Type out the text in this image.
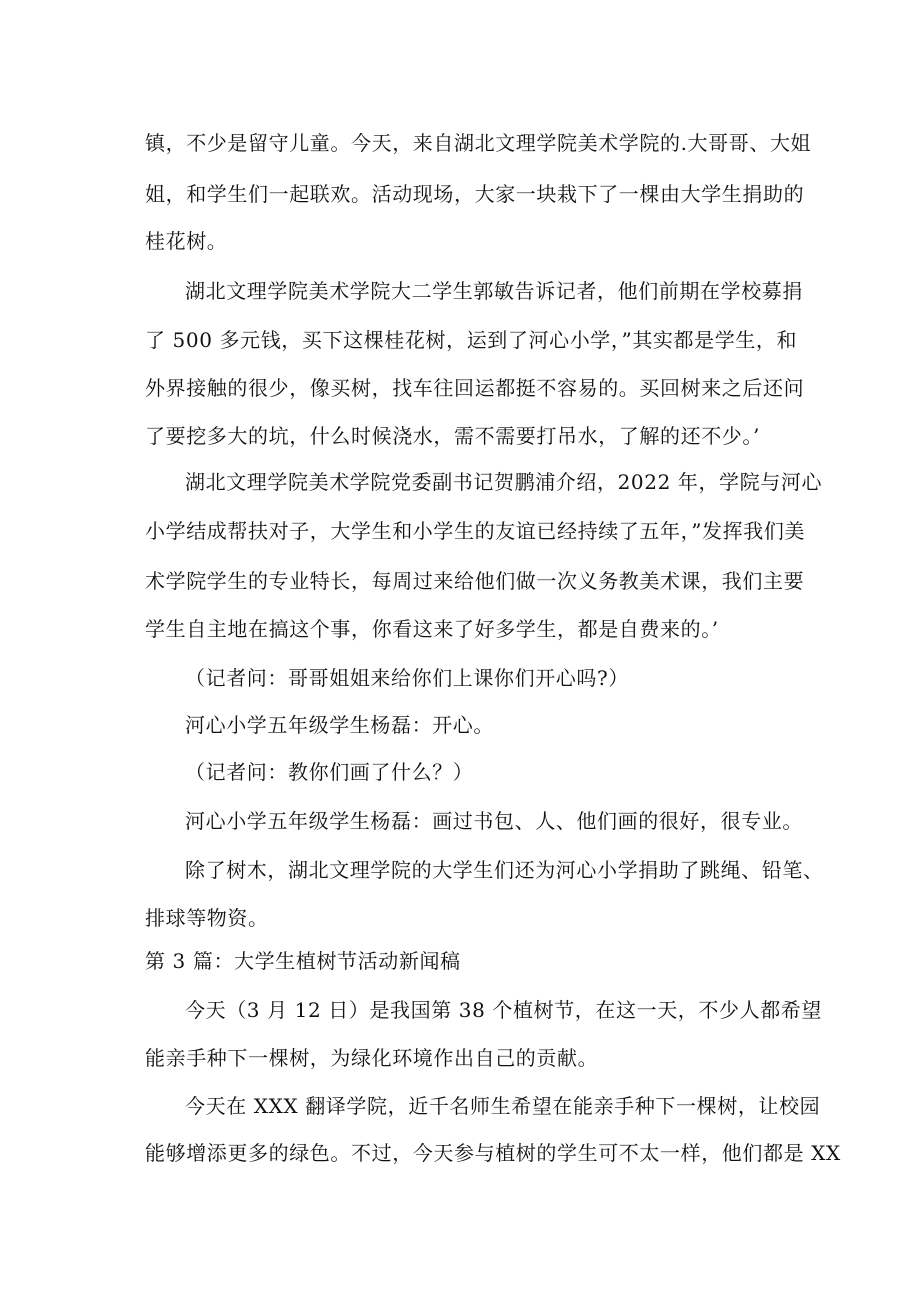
镇，不少是留守儿童。今天，来自湖北文理学院美术学院的.大哥哥、大姐
姐，和学生们一起联欢。活动现场，大家一块栽下了一棵由大学生捐助的
桂花树。
湖北文理学院美术学院大二学生郭敏告诉记者，他们前期在学校募捐
了 500 多元钱，买下这棵桂花树，运到了河心小学，”其实都是学生，和
外界接触的很少，像买树，找车往回运都挺不容易的。买回树来之后还问
了要挖多大的坑，什么时候浇水，需不需要打吊水，了解的还不少。’
湖北文理学院美术学院党委副书记贺鹏浦介绍，2022 年，学院与河心
小学结成帮扶对子，大学生和小学生的友谊已经持续了五年，”发挥我们美
术学院学生的专业特长，每周过来给他们做一次义务教美术课，我们主要
学生自主地在搞这个事，你看这来了好多学生，都是自费来的。’
（记者问：哥哥姐姐来给你们上课你们开心吗?）
河心小学五年级学生杨磊：开心。
（记者问：教你们画了什么？）
河心小学五年级学生杨磊：画过书包、人、他们画的很好，很专业。
除了树木，湖北文理学院的大学生们还为河心小学捐助了跳绳、铅笔、
排球等物资。
第 3 篇：大学生植树节活动新闻稿
今天（3 月 12 日）是我国第 38 个植树节，在这一天，不少人都希望
能亲手种下一棵树，为绿化环境作出自己的贡献。
今天在 XXX 翻译学院，近千名师生希望在能亲手种下一棵树，让校园
能够增添更多的绿色。不过，今天参与植树的学生可不太一样，他们都是 XX
